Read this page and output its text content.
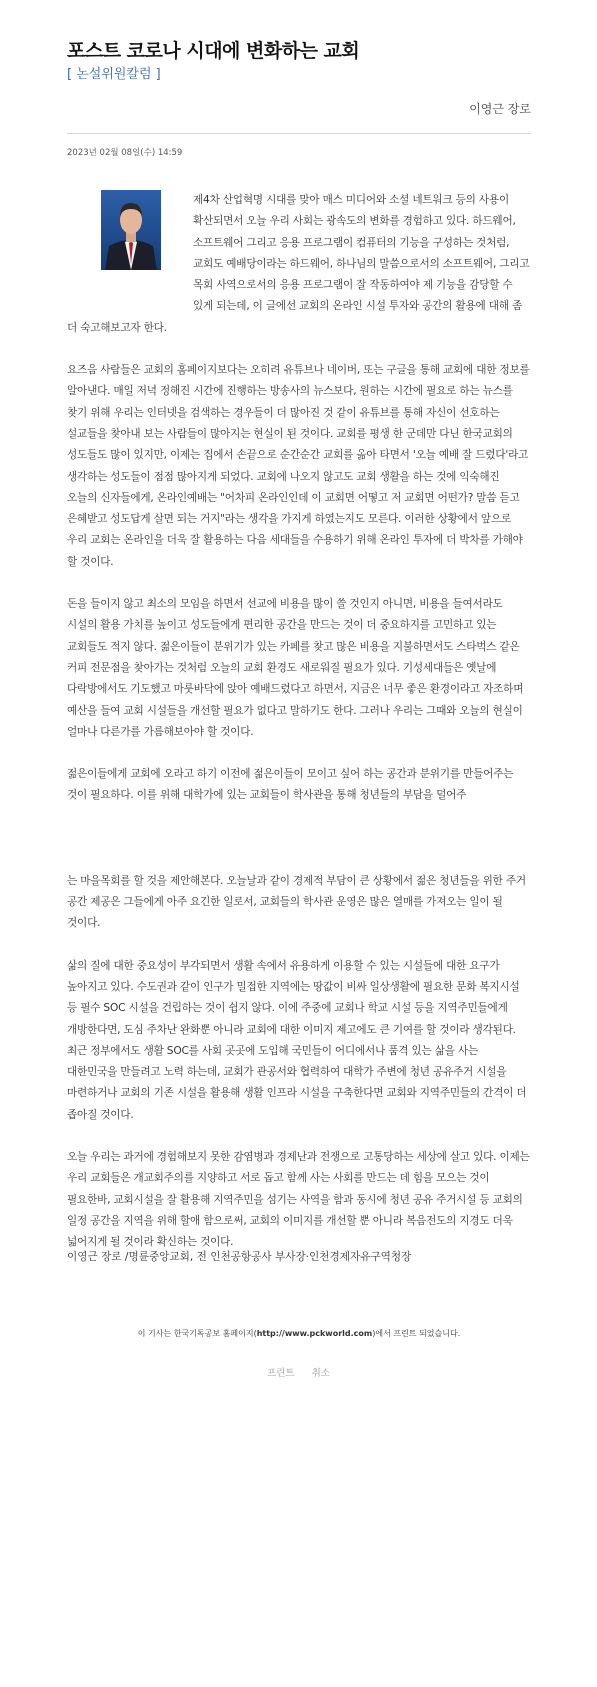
포스트 코로나 시대에 변화하는 교회
[ 논설위원칼럼 ]
이영근 장로
2023년 02월 08일(수) 14:59

제4차 산업혁명 시대를 맞아 매스 미디어와 소셜 네트워크 등의 사용이 확산되면서 오늘 우리 사회는 광속도의 변화를 경험하고 있다. 하드웨어, 소프트웨어 그리고 응용 프로그램이 컴퓨터의 기능을 구성하는 것처럼, 교회도 예배당이라는 하드웨어, 하나님의 말씀으로서의 소프트웨어, 그리고 목회 사역으로서의 응용 프로그램이 잘 작동하여야 제 기능을 감당할 수 있게 되는데, 이 글에선 교회의 온라인 시설 투자와 공간의 활용에 대해 좀 더 숙고해보고자 한다.

요즈음 사람들은 교회의 홈페이지보다는 오히려 유튜브나 네이버, 또는 구글을 통해 교회에 대한 정보를 알아낸다. 매일 저녁 정해진 시간에 진행하는 방송사의 뉴스보다, 원하는 시간에 필요로 하는 뉴스를 찾기 위해 우리는 인터넷을 검색하는 경우들이 더 많아진 것 같이 유튜브를 통해 자신이 선호하는 설교들을 찾아내 보는 사람들이 많아지는 현실이 된 것이다. 교회를 평생 한 군데만 다닌 한국교회의 성도들도 많이 있지만, 이제는 집에서 손끝으로 순간순간 교회를 옮아 타면서 '오늘 예배 잘 드렸다'라고 생각하는 성도들이 점점 많아지게 되었다. 교회에 나오지 않고도 교회 생활을 하는 것에 익숙해진 오늘의 신자들에게, 온라인예배는 "어차피 온라인인데 이 교회면 어떻고 저 교회면 어떤가? 말씀 듣고 은혜받고 성도답게 살면 되는 거지"라는 생각을 가지게 하였는지도 모른다. 이러한 상황에서 앞으로 우리 교회는 온라인을 더욱 잘 활용하는 다음 세대들을 수용하기 위해 온라인 투자에 더 박차를 가해야 할 것이다.

돈을 들이지 않고 최소의 모임을 하면서 선교에 비용을 많이 쓸 것인지 아니면, 비용을 들여서라도 시설의 활용 가치를 높이고 성도들에게 편리한 공간을 만드는 것이 더 중요하지를 고민하고 있는 교회들도 적지 않다. 젊은이들이 분위기가 있는 카페를 찾고 많은 비용을 지불하면서도 스타벅스 같은 커피 전문점을 찾아가는 것처럼 오늘의 교회 환경도 새로워질 필요가 있다. 기성세대들은 옛날에 다락방에서도 기도했고 마룻바닥에 앉아 예배드렸다고 하면서, 지금은 너무 좋은 환경이라고 자조하며 예산을 들여 교회 시설들을 개선할 필요가 없다고 말하기도 한다. 그러나 우리는 그때와 오늘의 현실이 얼마나 다른가를 가름해보아야 할 것이다.

젊은이들에게 교회에 오라고 하기 이전에 젊은이들이 모이고 싶어 하는 공간과 분위기를 만들어주는 것이 필요하다. 이를 위해 대학가에 있는 교회들이 학사관을 통해 청년들의 부담을 덜어주

는 마을목회를 할 것을 제안해본다. 오늘날과 같이 경제적 부담이 큰 상황에서 젊은 청년들을 위한 주거 공간 제공은 그들에게 아주 요긴한 일로서, 교회들의 학사관 운영은 많은 열매를 가져오는 일이 될 것이다.

삶의 질에 대한 중요성이 부각되면서 생활 속에서 유용하게 이용할 수 있는 시설들에 대한 요구가 높아지고 있다. 수도권과 같이 인구가 밀접한 지역에는 땅값이 비싸 일상생활에 필요한 문화 복지시설 등 필수 SOC 시설을 건립하는 것이 쉽지 않다. 이에 주중에 교회나 학교 시설 등을 지역주민들에게 개방한다면, 도심 주차난 완화뿐 아니라 교회에 대한 이미지 제고에도 큰 기여를 할 것이라 생각된다. 최근 정부에서도 생활 SOC를 사회 곳곳에 도입해 국민들이 어디에서나 품격 있는 삶을 사는 대한민국을 만들려고 노력 하는데, 교회가 관공서와 협력하여 대학가 주변에 청년 공유주거 시설을 마련하거나 교회의 기존 시설을 활용해 생활 인프라 시설을 구축한다면 교회와 지역주민들의 간격이 더 좁아질 것이다.

오늘 우리는 과거에 경험해보지 못한 감염병과 경제난과 전쟁으로 고통당하는 세상에 살고 있다. 이제는 우리 교회들은 개교회주의를 지양하고 서로 돕고 함께 사는 사회를 만드는 데 힘을 모으는 것이 필요한바, 교회시설을 잘 활용해 지역주민을 섬기는 사역을 함과 동시에 청년 공유 주거시설 등 교회의 일정 공간을 지역을 위해 할애 함으로써, 교회의 이미지를 개선할 뿐 아니라 복음전도의 지경도 더욱 넓어지게 될 것이라 확신하는 것이다.

이영근 장로 /명륜중앙교회, 전 인천공항공사 부사장·인천경제자유구역청장
이 기사는 한국기독공보 홈페이지(http://www.pckworld.com)에서 프린트 되었습니다.
프린트 취소
